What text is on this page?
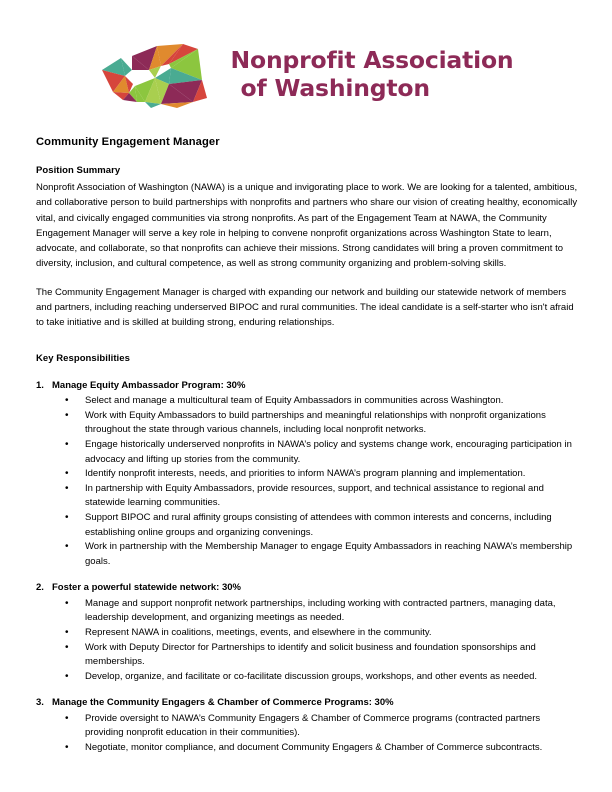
Nonprofit Association
of Washington
Community Engagement Manager
Position Summary

Nonprofit Association of Washington (NAWA) is a unique and invigorating place to work. We are looking for a talented, ambitious, and collaborative person to build partnerships with nonprofits and partners who share our vision of creating healthy, economically vital, and civically engaged communities via strong nonprofits. As part of the Engagement Team at NAWA, the Community Engagement Manager will serve a key role in helping to convene nonprofit organizations across Washington State to learn, advocate, and collaborate, so that nonprofits can achieve their missions. Strong candidates will bring a proven commitment to diversity, inclusion, and cultural competence, as well as strong community organizing and problem-solving skills.

The Community Engagement Manager is charged with expanding our network and building our statewide network of members and partners, including reaching underserved BIPOC and rural communities. The ideal candidate is a self-starter who isn't afraid to take initiative and is skilled at building strong, enduring relationships.

Key Responsibilities
1. Manage Equity Ambassador Program: 30%
•	Select and manage a multicultural team of Equity Ambassadors in communities across Washington.
•	Work with Equity Ambassadors to build partnerships and meaningful relationships with nonprofit organizations throughout the state through various channels, including local nonprofit networks.
•	Engage historically underserved nonprofits in NAWA’s policy and systems change work, encouraging participation in advocacy and lifting up stories from the community.
•	Identify nonprofit interests, needs, and priorities to inform NAWA’s program planning and implementation.
•	In partnership with Equity Ambassadors, provide resources, support, and technical assistance to regional and statewide learning communities.
•	Support BIPOC and rural affinity groups consisting of attendees with common interests and concerns, including establishing online groups and organizing convenings.
•	Work in partnership with the Membership Manager to engage Equity Ambassadors in reaching NAWA’s membership goals.
2. Foster a powerful statewide network: 30%
•	Manage and support nonprofit network partnerships, including working with contracted partners, managing data, leadership development, and organizing meetings as needed.
•	Represent NAWA in coalitions, meetings, events, and elsewhere in the community.
•	Work with Deputy Director for Partnerships to identify and solicit business and foundation sponsorships and memberships.
•	Develop, organize, and facilitate or co-facilitate discussion groups, workshops, and other events as needed.
3. Manage the Community Engagers & Chamber of Commerce Programs: 30%
•	Provide oversight to NAWA’s Community Engagers & Chamber of Commerce programs (contracted partners providing nonprofit education in their communities).
•	Negotiate, monitor compliance, and document Community Engagers & Chamber of Commerce subcontracts.
